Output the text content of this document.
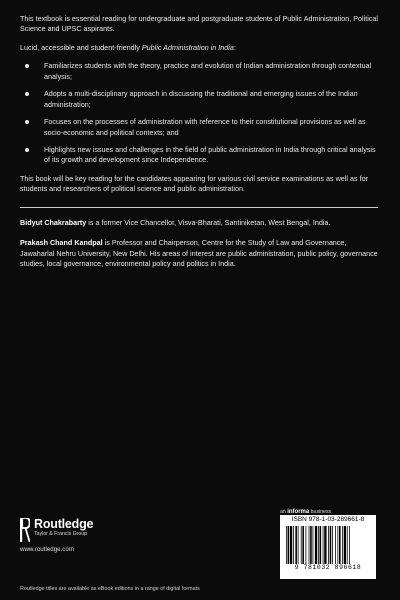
This textbook is essential reading for undergraduate and postgraduate students of Public Administration, Political Science and UPSC aspirants.

Lucid, accessible and student-friendly Public Administration in India:

Familiarizes students with the theory, practice and evolution of Indian administration through contextual analysis;
Adopts a multi-disciplinary approach in discussing the traditional and emerging issues of the Indian administration;
Focuses on the processes of administration with reference to their constitutional provisions as well as socio-economic and political contexts; and
Highlights new issues and challenges in the field of public administration in India through critical analysis of its growth and development since Independence.

This book will be key reading for the candidates appearing for various civil service examinations as well as for students and researchers of political science and public administration.

Bidyut Chakrabarty is a former Vice Chancellor, Visva-Bharati, Santiniketan, West Bengal, India.

Prakash Chand Kandpal is Professor and Chairperson, Centre for the Study of Law and Governance, Jawaharlal Nehru University, New Delhi. His areas of interest are public administration, public policy, governance studies, local governance, environmental policy and politics in India.

Routledge
Taylor & Francis Group
www.routledge.com
an informa business
ISBN 978-1-03-289661-8
9 781032 896618
Routledge titles are available as eBook editions in a range of digital formats
